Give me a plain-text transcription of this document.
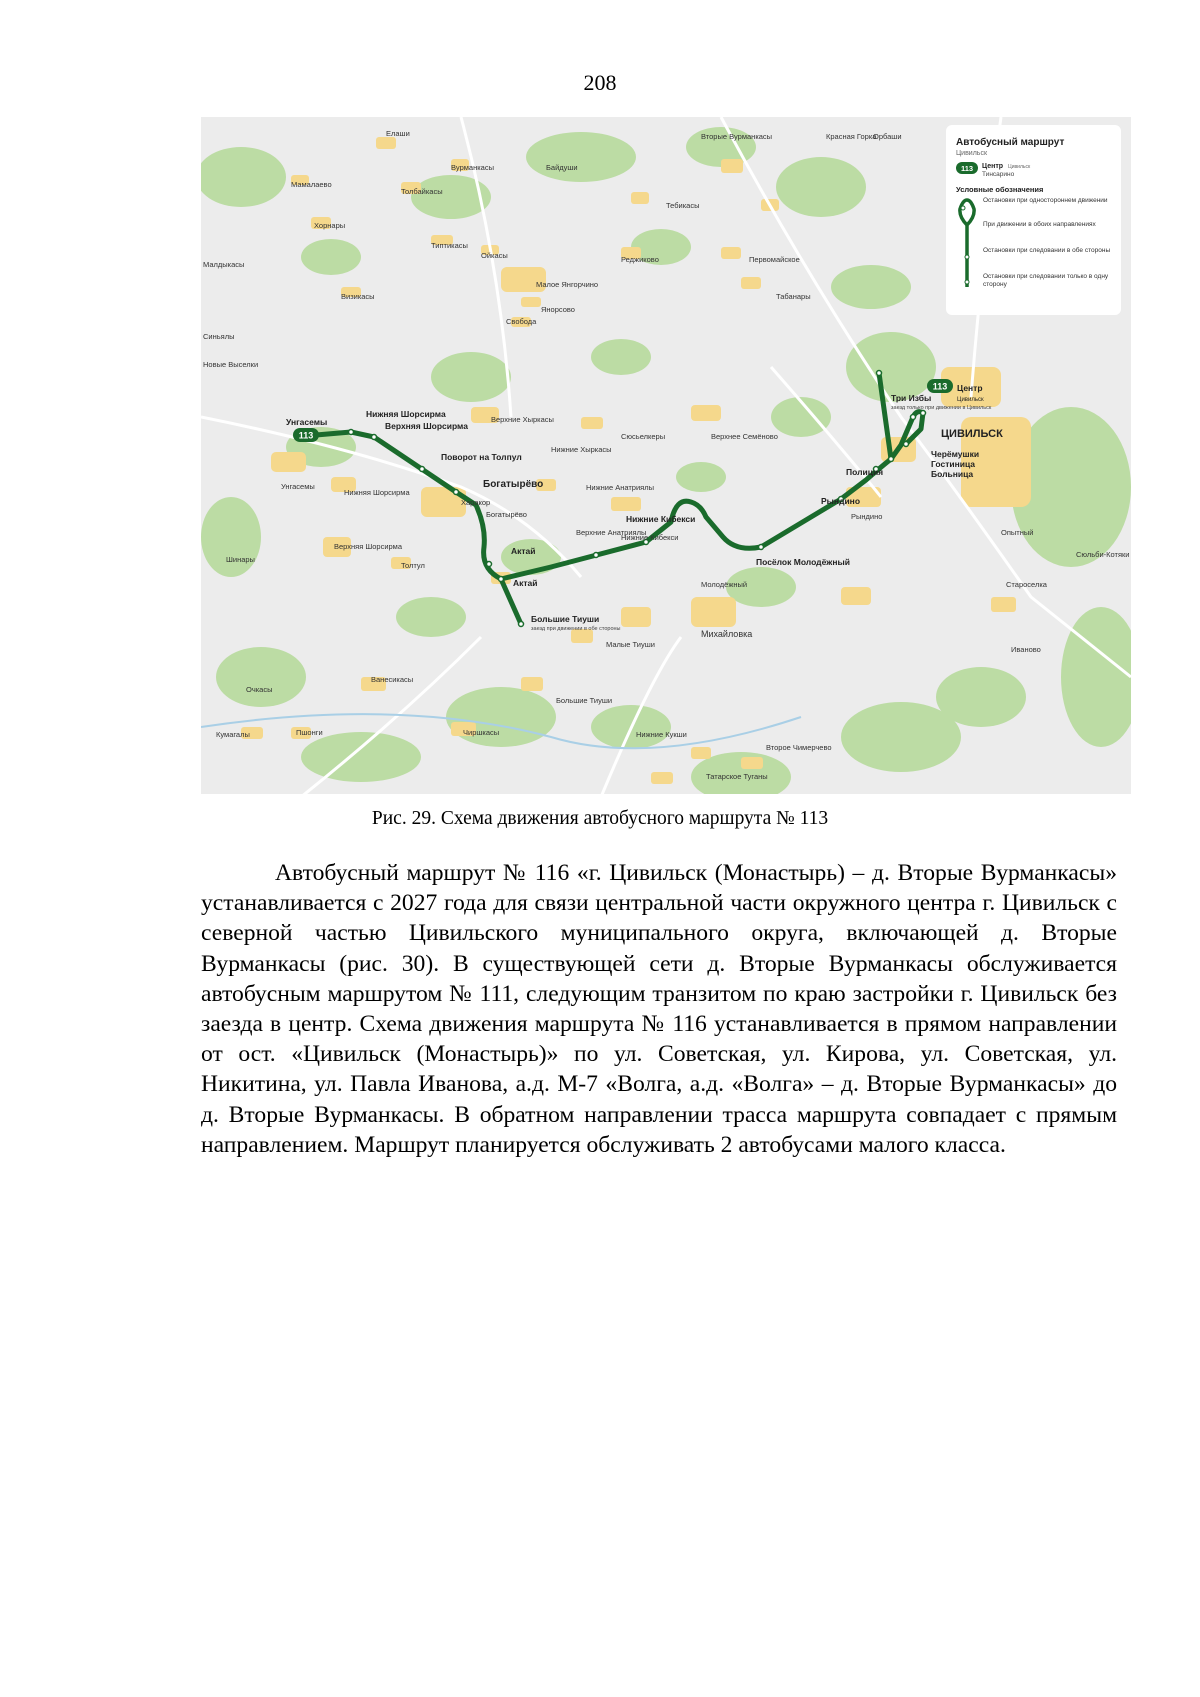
208
113
113
Унгасемы
Нижняя Шорсирма
Верхняя Шорсирма
Поворот на Толпул
Богатырёво
Актай
Актай
Нижние Кибекси
Посёлок Молодёжный
Рындино
Полиция
Три Избы
Центр
Цивильск
Черёмушки
Гостиница
Больница
Большие Тиуши
заезд только при движении в Цивильск
заезд при движении в обе стороны
Елаши	Вторые Вурманкасы
Вурманкасы	Байдуши
Красная Горка
Орбаши
Мамалаево
Толбайкасы
Тебикасы
Хорнары
Типтикасы
Ойкасы	Реджиково	Первомайское
Малдыкасы
Малое Янгорчино
Табанары
Визикасы
Янорсово
Синьялы
Свобода
Новые Выселки
Верхние Хыркасы
Нижние Хыркасы
Сюсьелкеры	Верхнее Семёново	ЦИВИЛЬСК
Унгасемы
Нижняя Шорсирма
Харакор
Богатырёво
Нижние Анатриялы
Верхние Анатриялы
Нижние Кибекси
Рындино
Опытный
Сюльби-Котяки
Шинары
Верхняя Шорсирма
Толтул
Молодёжный	Староселка
Михайловка
Малые Тиуши
Иваново
Ванесикасы
Очкасы
Большие Тиуши
Кумагалы	Пшонги	Чиршкасы	Нижние Кукши
Второе Чимерчево
Татарское Туганы
Автобусный маршрут
Цивильск
113 Центр Цивильск
Тинсарино
Условные обозначения
Остановки при одностороннем движении
При движении в обоих направлениях
Остановки при следовании в обе стороны
Остановки при следовании только в одну сторону
Рис. 29. Схема движения автобусного маршрута № 113

Автобусный маршрут № 116 «г. Цивильск (Монастырь) – д. Вторые Вурманкасы» устанавливается с 2027 года для связи центральной части окружного центра г. Цивильск с северной частью Цивильского муниципального округа, включающей д. Вторые Вурманкасы (рис. 30). В существующей сети д. Вторые Вурманкасы обслуживается автобусным маршрутом № 111, следующим транзитом по краю застройки г. Цивильск без заезда в центр. Схема движения маршрута № 116 устанавливается в прямом направлении от ост. «Цивильск (Монастырь)» по ул. Советская, ул. Кирова, ул. Советская, ул. Никитина, ул. Павла Иванова, а.д. М-7 «Волга, а.д. «Волга» – д. Вторые Вурманкасы» до д. Вторые Вурманкасы. В обратном направлении трасса маршрута совпадает с прямым направлением. Маршрут планируется обслуживать 2 автобусами малого класса.
